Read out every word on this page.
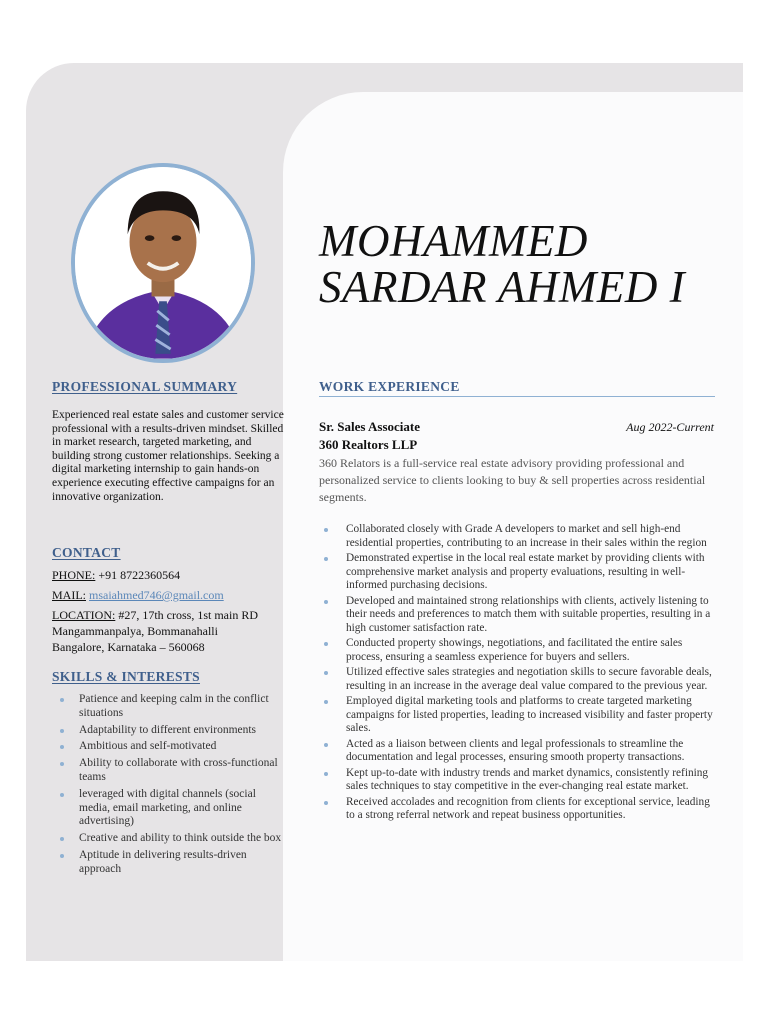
MOHAMMED
SARDAR AHMED I
PROFESSIONAL SUMMARY
Experienced real estate sales and customer service professional with a results-driven mindset. Skilled in market research, targeted marketing, and building strong customer relationships. Seeking a digital marketing internship to gain hands-on experience executing effective campaigns for an innovative organization.
CONTACT
PHONE: +91 8722360564
MAIL: msaiahmed746@gmail.com
LOCATION: #27, 17th cross, 1st main RD
Mangammanpalya, Bommanahalli
Bangalore, Karnataka – 560068
SKILLS & INTERESTS
Patience and keeping calm in the conflict situations
Adaptability to different environments
Ambitious and self-motivated
Ability to collaborate with cross-functional teams
leveraged with digital channels (social media, email marketing, and online advertising)
Creative and ability to think outside the box
Aptitude in delivering results-driven approach
WORK EXPERIENCE
Sr. Sales Associate	Aug 2022-Current
360 Realtors LLP
360 Relators is a full-service real estate advisory providing professional and personalized service to clients looking to buy & sell properties across residential segments.
Collaborated closely with Grade A developers to market and sell high-end residential properties, contributing to an increase in their sales within the region
Demonstrated expertise in the local real estate market by providing clients with comprehensive market analysis and property evaluations, resulting in well-informed purchasing decisions.
Developed and maintained strong relationships with clients, actively listening to their needs and preferences to match them with suitable properties, resulting in a high customer satisfaction rate.
Conducted property showings, negotiations, and facilitated the entire sales process, ensuring a seamless experience for buyers and sellers.
Utilized effective sales strategies and negotiation skills to secure favorable deals, resulting in an increase in the average deal value compared to the previous year.
Employed digital marketing tools and platforms to create targeted marketing campaigns for listed properties, leading to increased visibility and faster property sales.
Acted as a liaison between clients and legal professionals to streamline the documentation and legal processes, ensuring smooth property transactions.
Kept up-to-date with industry trends and market dynamics, consistently refining sales techniques to stay competitive in the ever-changing real estate market.
Received accolades and recognition from clients for exceptional service, leading to a strong referral network and repeat business opportunities.
